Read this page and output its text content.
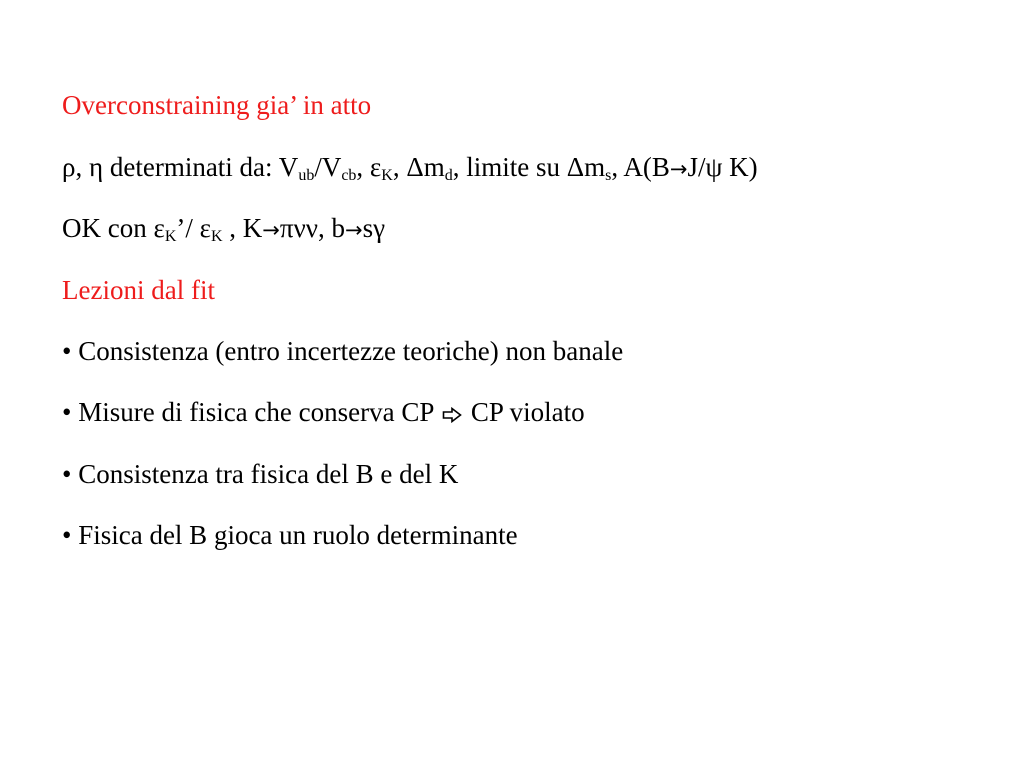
Overconstraining gia’ in atto
ρ, η determinati da: $V_{ub}/V_{cb}$, $\varepsilon_K$, $\Delta m_d$, limite su $\Delta m_s$, A(B→J/ψ K)
OK con $\varepsilon_K’/$ $\varepsilon_K$ , K→πνν, b→sγ
Lezioni dal fit
• Consistenza (entro incertezze teoriche) non banale
• Misure di fisica che conserva CP CP violato
• Consistenza tra fisica del B e del K
• Fisica del B gioca un ruolo determinante
